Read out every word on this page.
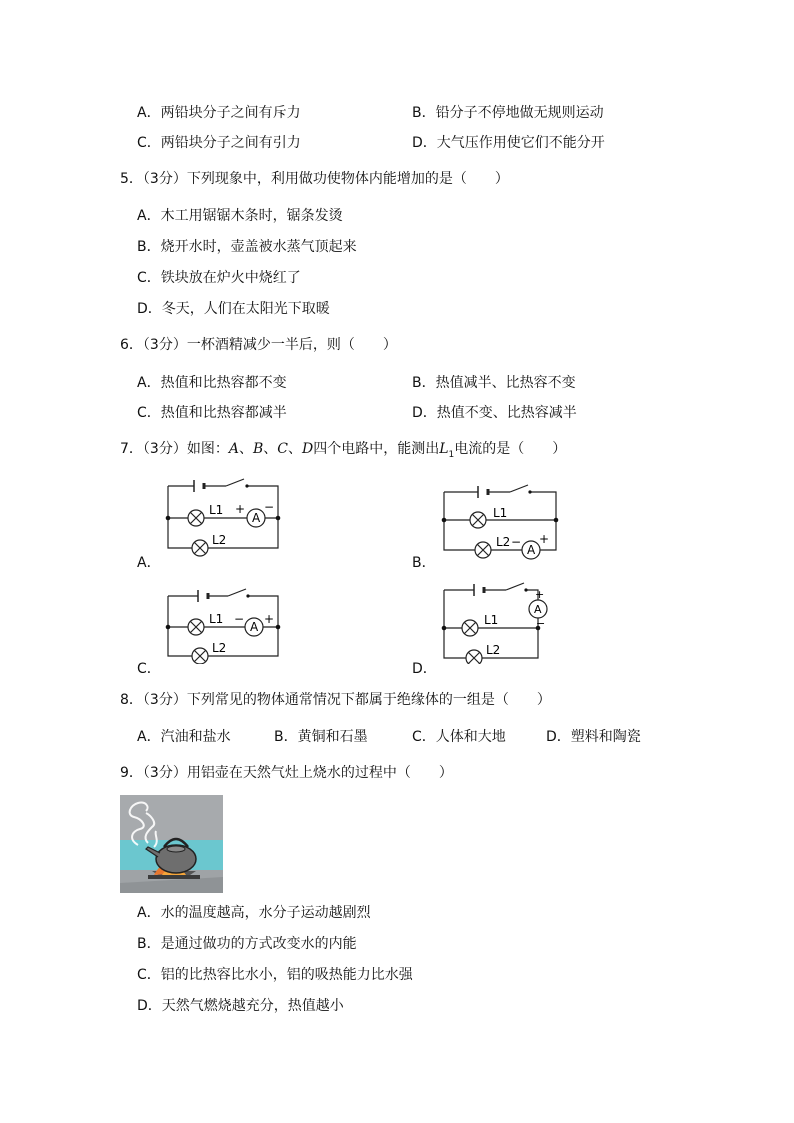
A．两铅块分子之间有斥力	B．铅分子不停地做无规则运动
C．两铅块分子之间有引力	D．大气压作用使它们不能分开
5．（3分）下列现象中，利用做功使物体内能增加的是（　　）
A．木工用锯锯木条时，锯条发烫
B．烧开水时，壶盖被水蒸气顶起来
C．铁块放在炉火中烧红了
D．冬天，人们在太阳光下取暖
6．（3分）一杯酒精减少一半后，则（　　）
A．热值和比热容都不变	B．热值减半、比热容不变
C．热值和比热容都减半	D．热值不变、比热容减半
7．（3分）如图：A、B、C、D四个电路中，能测出$L_1$电流的是（　　）
A．
L1
L2
A
+ −
B．
L1
L2
A
+
−
C．
L1
L2
A
+
−
D．
L1
L2
A
+
−
8．（3分）下列常见的物体通常情况下都属于绝缘体的一组是（　　）
A．汽油和盐水	B．黄铜和石墨	C．人体和大地	D．塑料和陶瓷
9．（3分）用铝壶在天然气灶上烧水的过程中（　　）
A．水的温度越高，水分子运动越剧烈
B．是通过做功的方式改变水的内能
C．铝的比热容比水小，铝的吸热能力比水强
D．天然气燃烧越充分，热值越小
